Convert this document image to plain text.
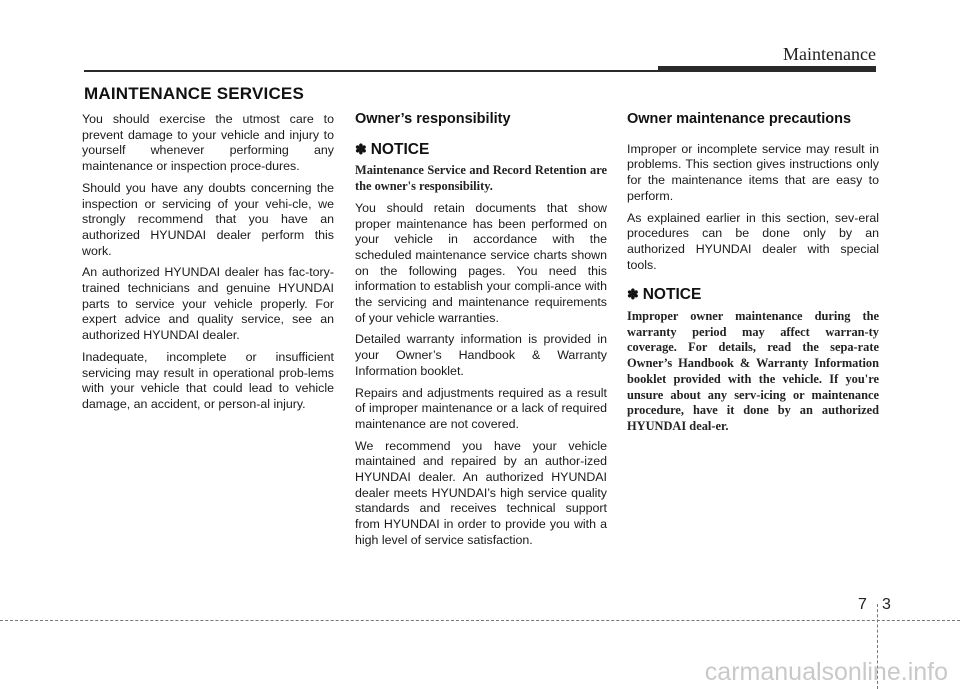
Maintenance
MAINTENANCE SERVICES

You should exercise the utmost care to prevent damage to your vehicle and injury to yourself whenever performing any maintenance or inspection proce-dures.

Should you have any doubts concerning the inspection or servicing of your vehi-cle, we strongly recommend that you have an authorized HYUNDAI dealer perform this work.

An authorized HYUNDAI dealer has fac-tory-trained technicians and genuine HYUNDAI parts to service your vehicle properly. For expert advice and quality service, see an authorized HYUNDAI dealer.

Inadequate, incomplete or insufficient servicing may result in operational prob-lems with your vehicle that could lead to vehicle damage, an accident, or person-al injury.

Owner’s responsibility
✽ NOTICE

Maintenance Service and Record Retention are the owner's responsibility.

You should retain documents that show proper maintenance has been performed on your vehicle in accordance with the scheduled maintenance service charts shown on the following pages. You need this information to establish your compli-ance with the servicing and maintenance requirements of your vehicle warranties.

Detailed warranty information is provided in your Owner’s Handbook & Warranty Information booklet.

Repairs and adjustments required as a result of improper maintenance or a lack of required maintenance are not covered.

We recommend you have your vehicle maintained and repaired by an author-ized HYUNDAI dealer. An authorized HYUNDAI dealer meets HYUNDAI’s high service quality standards and receives technical support from HYUNDAI in order to provide you with a high level of service satisfaction.

Owner maintenance precautions

Improper or incomplete service may result in problems. This section gives instructions only for the maintenance items that are easy to perform.

As explained earlier in this section, sev-eral procedures can be done only by an authorized HYUNDAI dealer with special tools.

✽ NOTICE

Improper owner maintenance during the warranty period may affect warran-ty coverage. For details, read the sepa-rate Owner’s Handbook & Warranty Information booklet provided with the vehicle. If you're unsure about any serv-icing or maintenance procedure, have it done by an authorized HYUNDAI deal-er.

7 3
carmanualsonline.info
